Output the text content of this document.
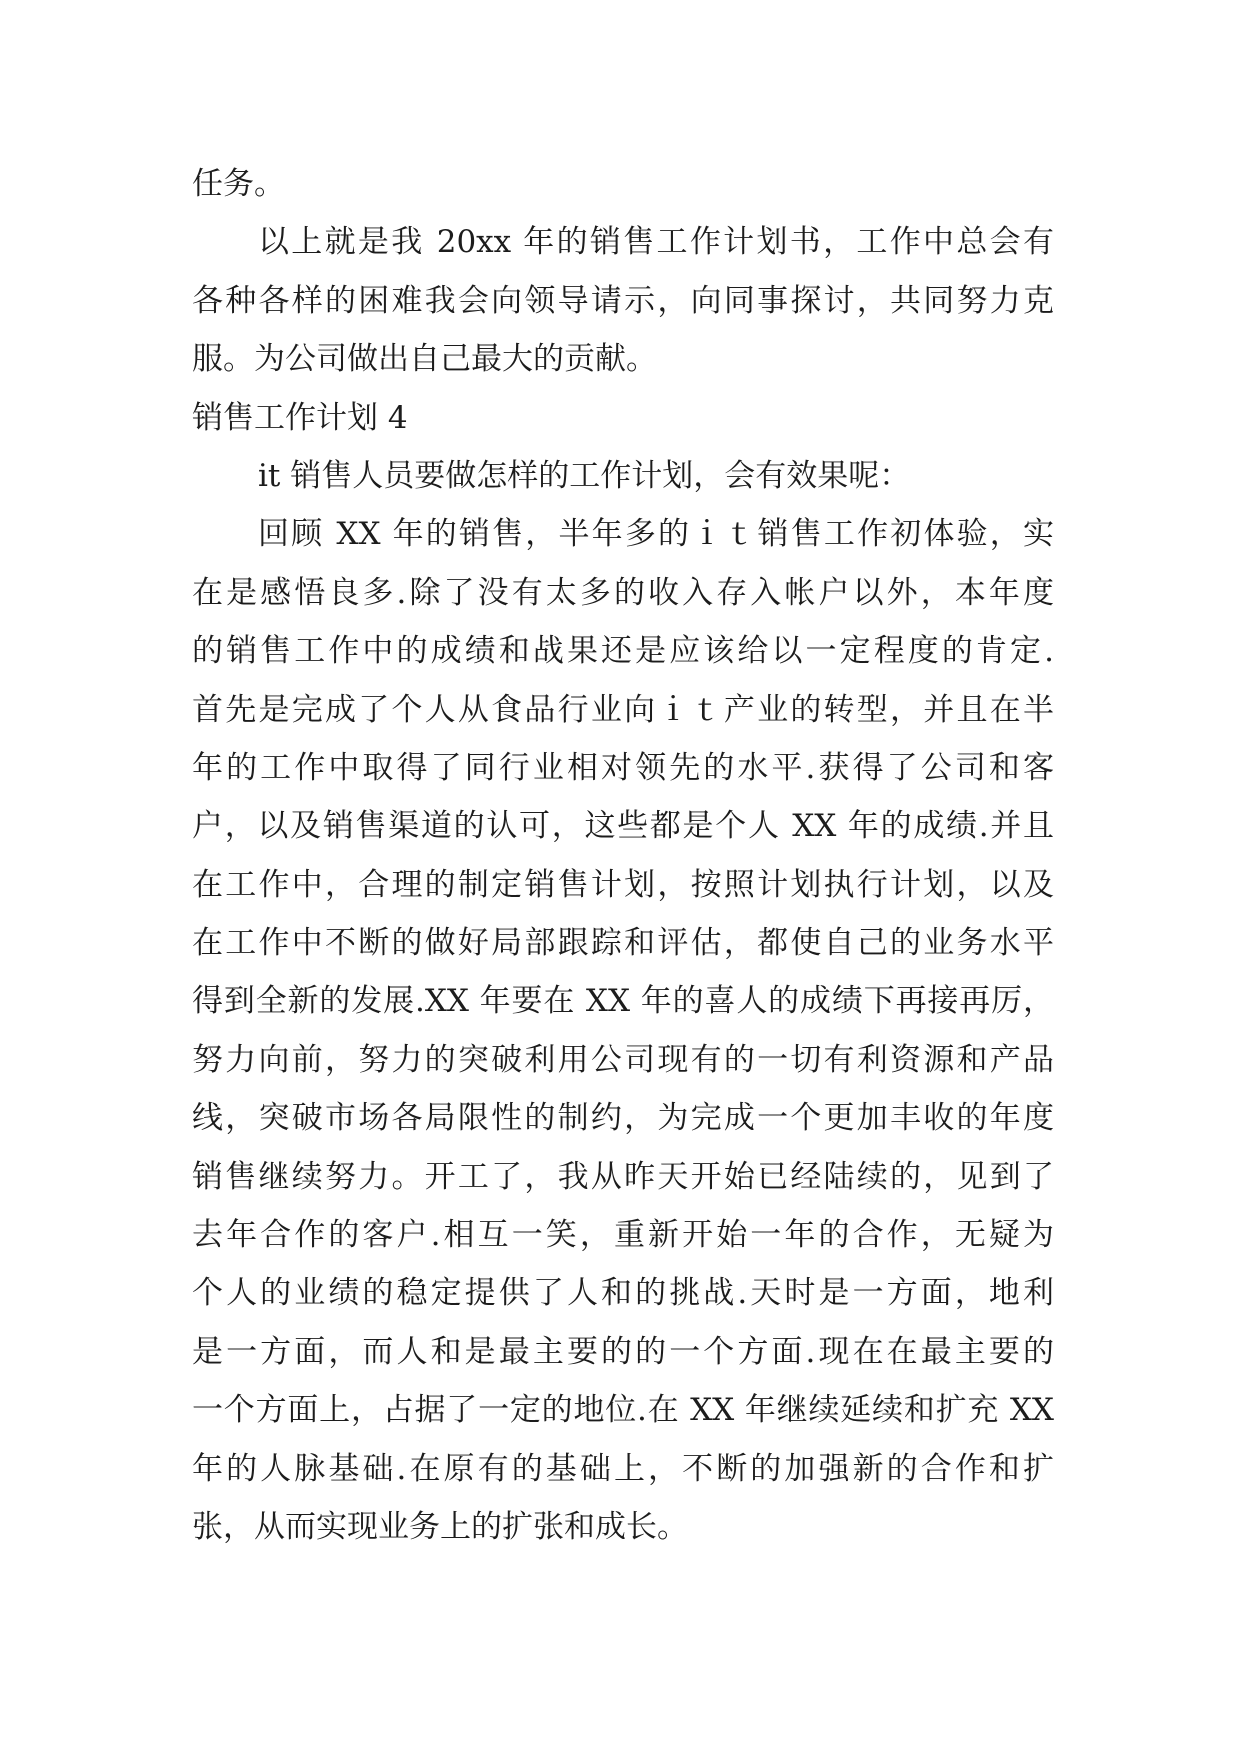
任务。
以上就是我 20xx 年的销售工作计划书，工作中总会有
各种各样的困难我会向领导请示，向同事探讨，共同努力克
服。为公司做出自己最大的贡献。
销售工作计划 4
it 销售人员要做怎样的工作计划，会有效果呢：
回顾 XX 年的销售，半年多的ｉｔ销售工作初体验，实
在是感悟良多.除了没有太多的收入存入帐户以外，本年度
的销售工作中的成绩和战果还是应该给以一定程度的肯定.
首先是完成了个人从食品行业向ｉｔ产业的转型，并且在半
年的工作中取得了同行业相对领先的水平.获得了公司和客
户，以及销售渠道的认可，这些都是个人 XX 年的成绩.并且
在工作中，合理的制定销售计划，按照计划执行计划，以及
在工作中不断的做好局部跟踪和评估，都使自己的业务水平
得到全新的发展.XX 年要在 XX 年的喜人的成绩下再接再厉，
努力向前，努力的突破利用公司现有的一切有利资源和产品
线，突破市场各局限性的制约，为完成一个更加丰收的年度
销售继续努力。开工了，我从昨天开始已经陆续的，见到了
去年合作的客户.相互一笑，重新开始一年的合作，无疑为
个人的业绩的稳定提供了人和的挑战.天时是一方面，地利
是一方面，而人和是最主要的的一个方面.现在在最主要的
一个方面上，占据了一定的地位.在 XX 年继续延续和扩充 XX
年的人脉基础.在原有的基础上，不断的加强新的合作和扩
张，从而实现业务上的扩张和成长。
